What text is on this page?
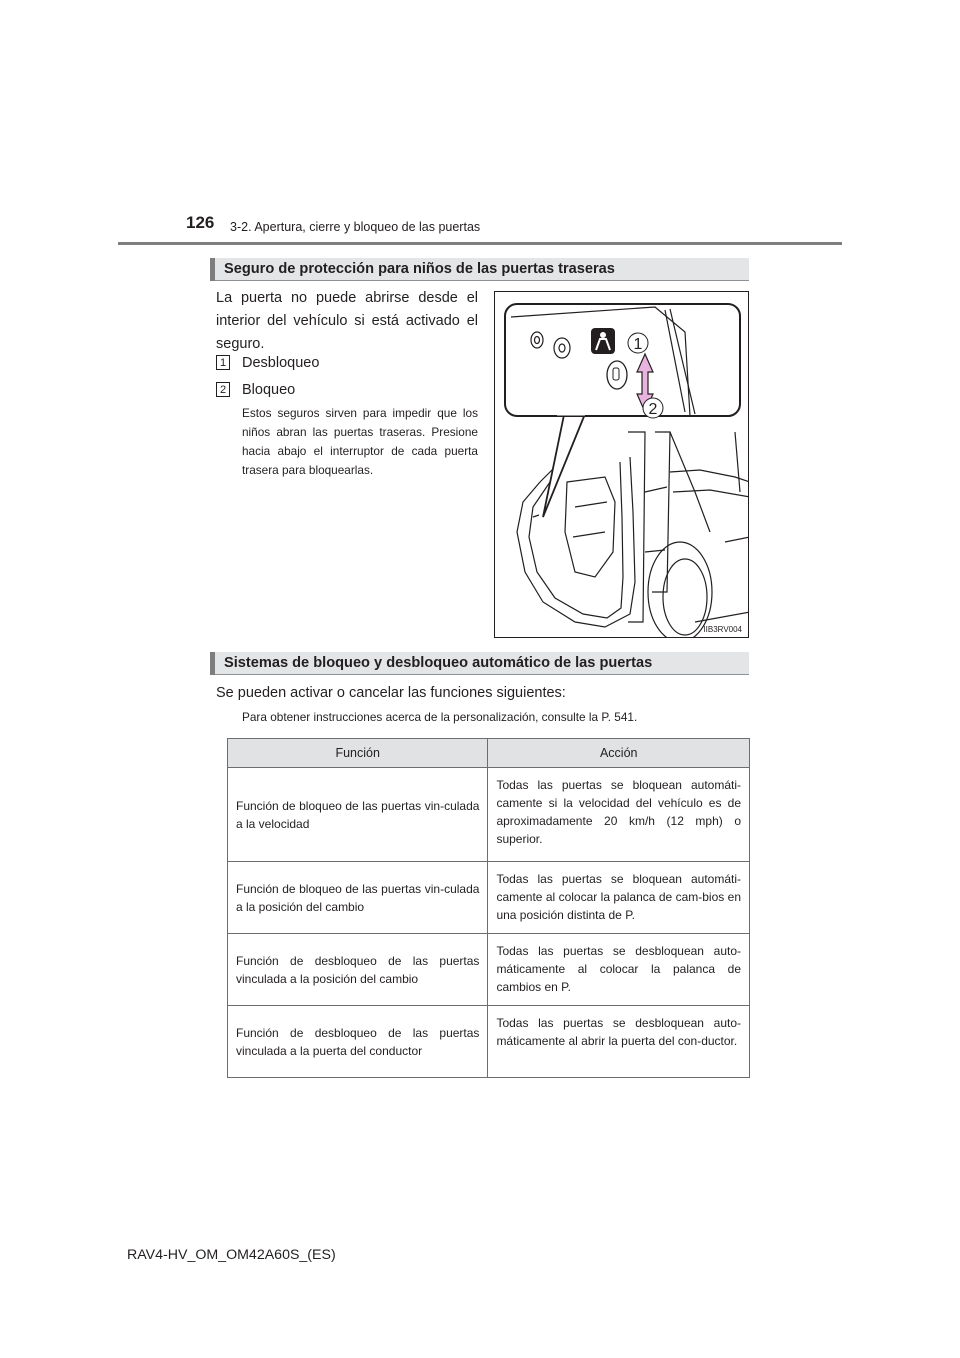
126 3-2. Apertura, cierre y bloqueo de las puertas
Seguro de protección para niños de las puertas traseras
La puerta no puede abrirse desde el interior del vehículo si está activado el seguro.
1 Desbloqueo
2 Bloqueo
Estos seguros sirven para impedir que los niños abran las puertas traseras. Presione hacia abajo el interruptor de cada puerta trasera para bloquearlas.
1
2
IIB3RV004
Sistemas de bloqueo y desbloqueo automático de las puertas
Se pueden activar o cancelar las funciones siguientes:
Para obtener instrucciones acerca de la personalización, consulte la P. 541.
Función	Acción
Función de bloqueo de las puertas vin-culada a la velocidad	Todas las puertas se bloquean automáti-camente si la velocidad del vehículo es de aproximadamente 20 km/h (12 mph) o superior.
Función de bloqueo de las puertas vin-culada a la posición del cambio	Todas las puertas se bloquean automáti-camente al colocar la palanca de cam-bios en una posición distinta de P.
Función de desbloqueo de las puertas vinculada a la posición del cambio	Todas las puertas se desbloquean auto-máticamente al colocar la palanca de cambios en P.
Función de desbloqueo de las puertas vinculada a la puerta del conductor	Todas las puertas se desbloquean auto-máticamente al abrir la puerta del con-ductor.
RAV4-HV_OM_OM42A60S_(ES)
